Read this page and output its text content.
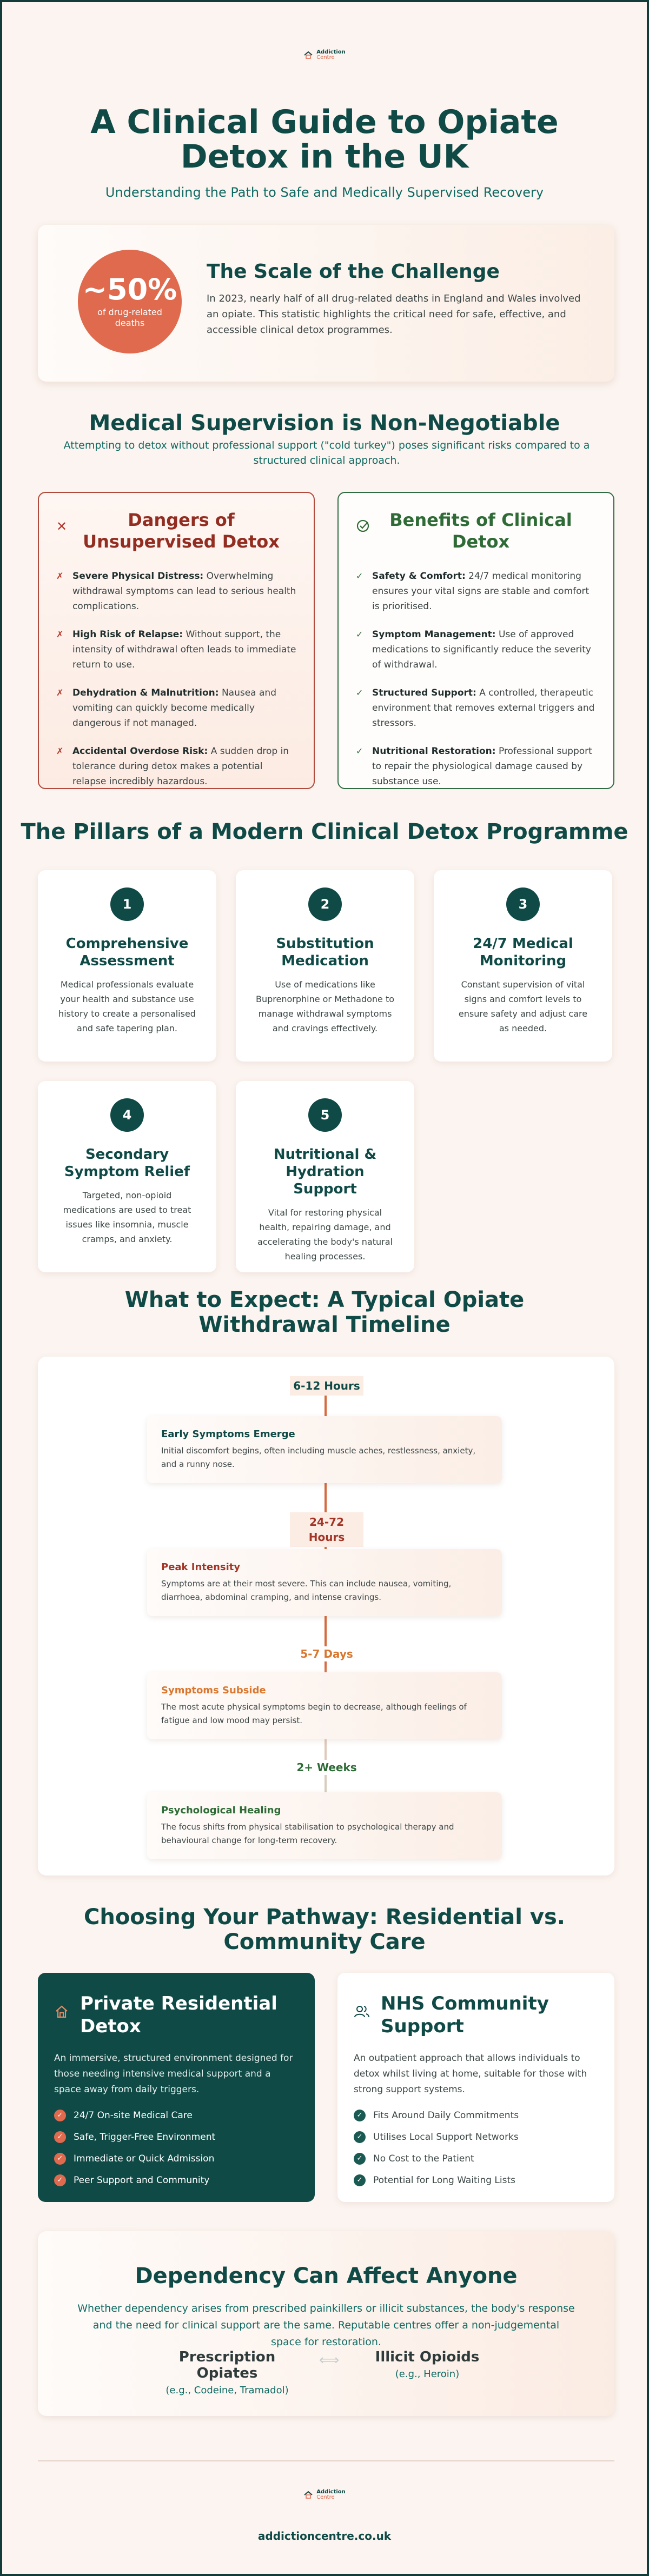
Addiction
Centre
A Clinical Guide to Opiate Detox in the UK
Understanding the Path to Safe and Medically Supervised Recovery
~50%
of drug-related deaths
The Scale of the Challenge
In 2023, nearly half of all drug-related deaths in England and Wales involved an opiate. This statistic highlights the critical need for safe, effective, and accessible clinical detox programmes.
Medical Supervision is Non-Negotiable

Attempting to detox without professional support ("cold turkey") poses significant risks compared to a structured clinical approach.

✕	Dangers of Unsupervised Detox
✗ Severe Physical Distress: Overwhelming withdrawal symptoms can lead to serious health complications.
✗ High Risk of Relapse: Without support, the intensity of withdrawal often leads to immediate return to use.
✗ Dehydration & Malnutrition: Nausea and vomiting can quickly become medically dangerous if not managed.
✗ Accidental Overdose Risk: A sudden drop in tolerance during detox makes a potential relapse incredibly hazardous.
Benefits of Clinical Detox
✓ Safety & Comfort: 24/7 medical monitoring ensures your vital signs are stable and comfort is prioritised.
✓ Symptom Management: Use of approved medications to significantly reduce the severity of withdrawal.
✓ Structured Support: A controlled, therapeutic environment that removes external triggers and stressors.
✓ Nutritional Restoration: Professional support to repair the physiological damage caused by substance use.
The Pillars of a Modern Clinical Detox Programme
1
Comprehensive Assessment

Medical professionals evaluate your health and substance use history to create a personalised and safe tapering plan.

2
Substitution Medication

Use of medications like Buprenorphine or Methadone to manage withdrawal symptoms and cravings effectively.

3
24/7 Medical Monitoring

Constant supervision of vital signs and comfort levels to ensure safety and adjust care as needed.

4
Secondary Symptom Relief

Targeted, non-opioid medications are used to treat issues like insomnia, muscle cramps, and anxiety.

5
Nutritional & Hydration Support

Vital for restoring physical health, repairing damage, and accelerating the body's natural healing processes.

What to Expect: A Typical Opiate Withdrawal Timeline
6-12 Hours
Early Symptoms Emerge

Initial discomfort begins, often including muscle aches, restlessness, anxiety, and a runny nose.

24-72 Hours
Peak Intensity

Symptoms are at their most severe. This can include nausea, vomiting, diarrhoea, abdominal cramping, and intense cravings.

5-7 Days
Symptoms Subside

The most acute physical symptoms begin to decrease, although feelings of fatigue and low mood may persist.

2+ Weeks
Psychological Healing

The focus shifts from physical stabilisation to psychological therapy and behavioural change for long-term recovery.

Choosing Your Pathway: Residential vs. Community Care
Private Residential Detox

An immersive, structured environment designed for those needing intensive medical support and a space away from daily triggers.

✓	24/7 On-site Medical Care
✓	Safe, Trigger-Free Environment
✓	Immediate or Quick Admission
✓	Peer Support and Community
NHS Community Support

An outpatient approach that allows individuals to detox whilst living at home, suitable for those with strong support systems.

✓	Fits Around Daily Commitments
✓	Utilises Local Support Networks
✓	No Cost to the Patient
✓	Potential for Long Waiting Lists
Dependency Can Affect Anyone

Whether dependency arises from prescribed painkillers or illicit substances, the body's response and the need for clinical support are the same. Reputable centres offer a non-judgemental space for restoration.

Prescription Opiates
(e.g., Codeine, Tramadol)
⟺	Illicit Opioids
(e.g., Heroin)
Addiction
Centre
addictioncentre.co.uk
